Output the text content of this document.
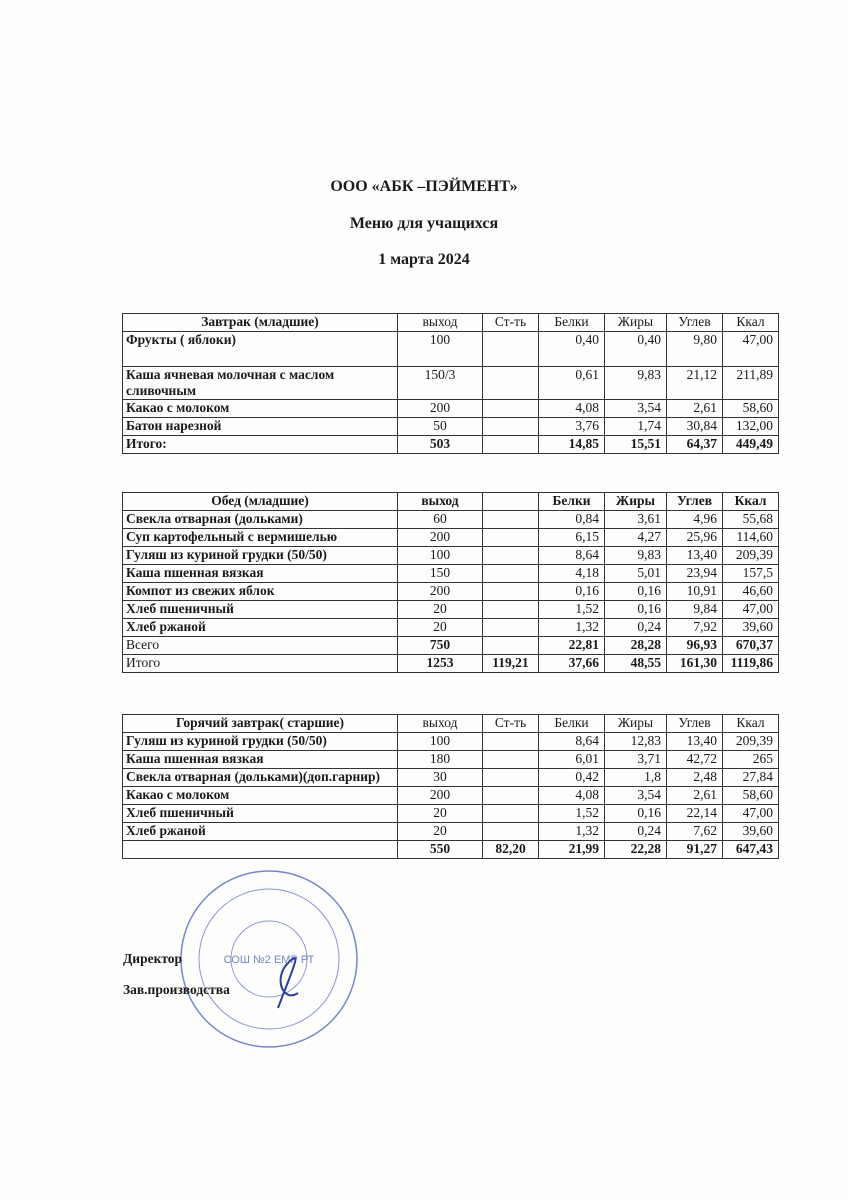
ООО «АБК –ПЭЙМЕНТ»
Меню для учащихся
1 марта 2024
Завтрак (младшие)	выход	Ст-ть	Белки	Жиры	Углев	Ккал
Фрукты ( яблоки)	100		0,40	0,40	9,80	47,00
Каша ячневая молочная с маслом сливочным	150/3		0,61	9,83	21,12	211,89
Какао с молоком	200		4,08	3,54	2,61	58,60
Батон нарезной	50		3,76	1,74	30,84	132,00
Итого:	503		14,85	15,51	64,37	449,49
Обед (младшие)	выход		Белки	Жиры	Углев	Ккал
Свекла отварная (дольками)	60		0,84	3,61	4,96	55,68
Суп картофельный с вермишелью	200		6,15	4,27	25,96	114,60
Гуляш из куриной грудки (50/50)	100		8,64	9,83	13,40	209,39
Каша пшенная вязкая	150		4,18	5,01	23,94	157,5
Компот из свежих яблок	200		0,16	0,16	10,91	46,60
Хлеб пшеничный	20		1,52	0,16	9,84	47,00
Хлеб ржаной	20		1,32	0,24	7,92	39,60
Всего	750		22,81	28,28	96,93	670,37
Итого	1253	119,21	37,66	48,55	161,30	1119,86
Горячий завтрак( старшие)	выход	Ст-ть	Белки	Жиры	Углев	Ккал
Гуляш из куриной грудки (50/50)	100		8,64	12,83	13,40	209,39
Каша пшенная вязкая	180		6,01	3,71	42,72	265
Свекла отварная (дольками)(доп.гарнир)	30		0,42	1,8	2,48	27,84
Какао с молоком	200		4,08	3,54	2,61	58,60
Хлеб пшеничный	20		1,52	0,16	22,14	47,00
Хлеб ржаной	20		1,32	0,24	7,62	39,60
	550	82,20	21,99	22,28	91,27	647,43
СОШ №2 ЕМР РТ
Директор
Зав.производства
